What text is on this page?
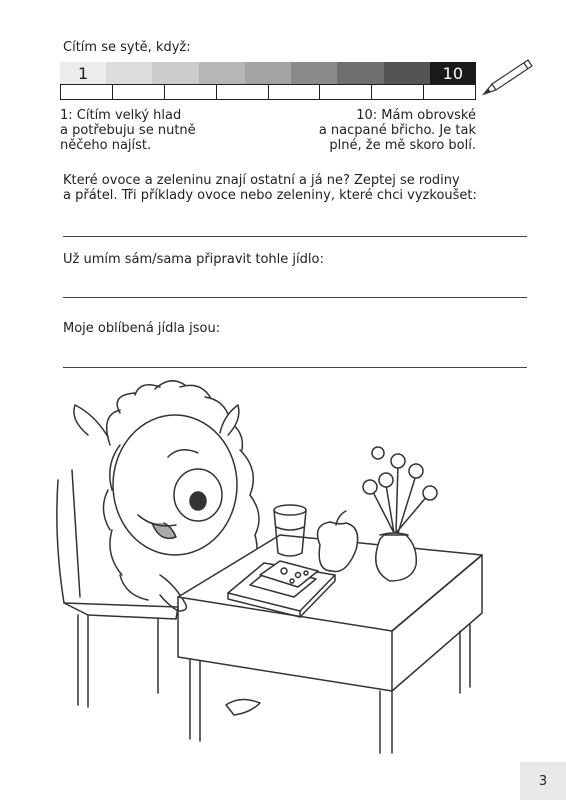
Cítím se sytě, když:
1	10
1: Cítím velký hlad
a potřebuju se nutně
něčeho najíst.
10: Mám obrovské
a nacpané břicho. Je tak
plné, že mě skoro bolí.
Které ovoce a zeleninu znají ostatní a já ne? Zeptej se rodiny
a přátel. Tři příklady ovoce nebo zeleniny, které chci vyzkoušet:
Už umím sám/sama připravit tohle jídlo:
Moje oblíbená jídla jsou:
3
